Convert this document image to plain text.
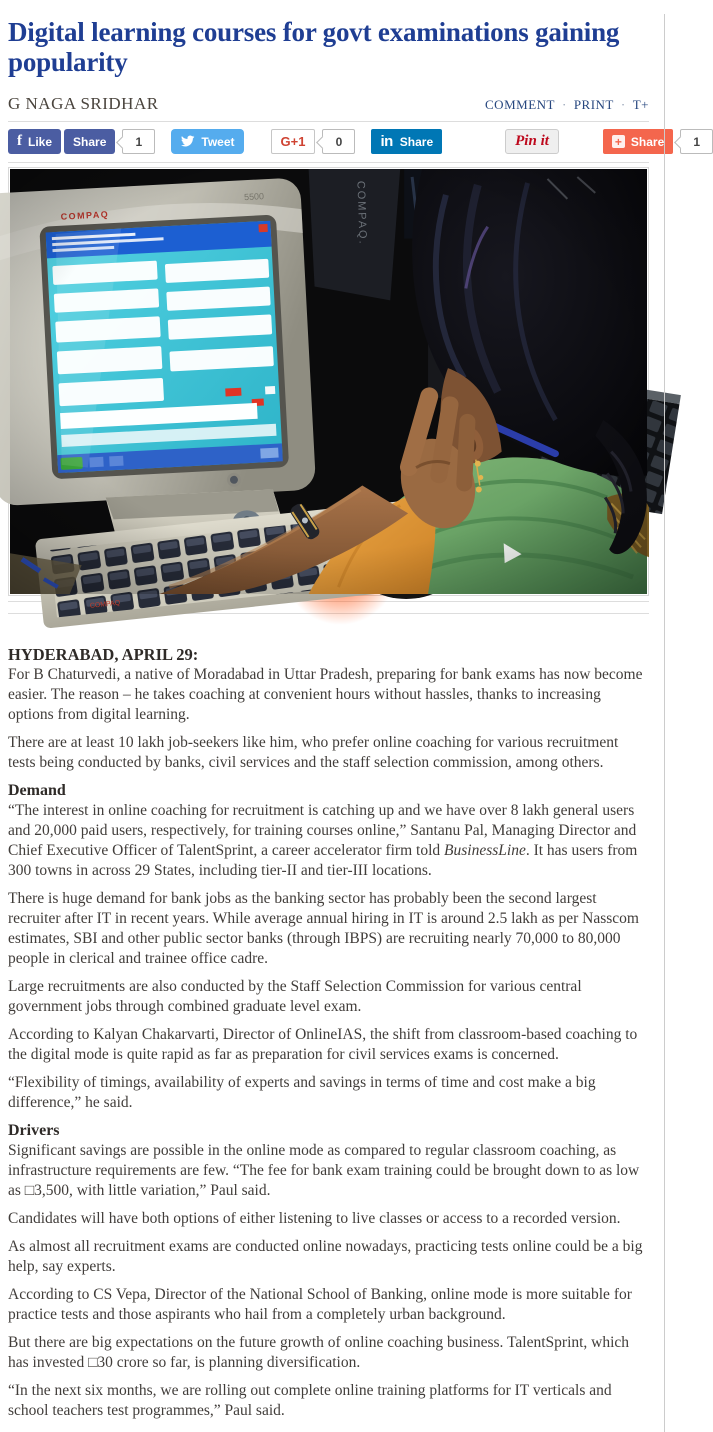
Digital learning courses for govt examinations gaining popularity
G NAGA SRIDHAR	COMMENT · PRINT · T+
f Like Share 1	Tweet	G+1	0	in Share	Pin it	+ Share 1
COMPAQ
HYDERABAD, APRIL 29:
For B Chaturvedi, a native of Moradabad in Uttar Pradesh, preparing for bank exams has now become easier. The reason – he takes coaching at convenient hours without hassles, thanks to increasing options from digital learning.
There are at least 10 lakh job-seekers like him, who prefer online coaching for various recruitment tests being conducted by banks, civil services and the staff selection commission, among others.
Demand
“The interest in online coaching for recruitment is catching up and we have over 8 lakh general users and 20,000 paid users, respectively, for training courses online,” Santanu Pal, Managing Director and Chief Executive Officer of TalentSprint, a career accelerator firm told BusinessLine. It has users from 300 towns in across 29 States, including tier-II and tier-III locations.
There is huge demand for bank jobs as the banking sector has probably been the second largest recruiter after IT in recent years. While average annual hiring in IT is around 2.5 lakh as per Nasscom estimates, SBI and other public sector banks (through IBPS) are recruiting nearly 70,000 to 80,000 people in clerical and trainee office cadre.
Large recruitments are also conducted by the Staff Selection Commission for various central government jobs through combined graduate level exam.
According to Kalyan Chakarvarti, Director of OnlineIAS, the shift from classroom-based coaching to the digital mode is quite rapid as far as preparation for civil services exams is concerned.
“Flexibility of timings, availability of experts and savings in terms of time and cost make a big difference,” he said.
Drivers
Significant savings are possible in the online mode as compared to regular classroom coaching, as infrastructure requirements are few. “The fee for bank exam training could be brought down to as low as □3,500, with little variation,” Paul said.
Candidates will have both options of either listening to live classes or access to a recorded version.
As almost all recruitment exams are conducted online nowadays, practicing tests online could be a big help, say experts.
According to CS Vepa, Director of the National School of Banking, online mode is more suitable for practice tests and those aspirants who hail from a completely urban background.
But there are big expectations on the future growth of online coaching business. TalentSprint, which has invested □30 crore so far, is planning diversification.
“In the next six months, we are rolling out complete online training platforms for IT verticals and school teachers test programmes,” Paul said.
